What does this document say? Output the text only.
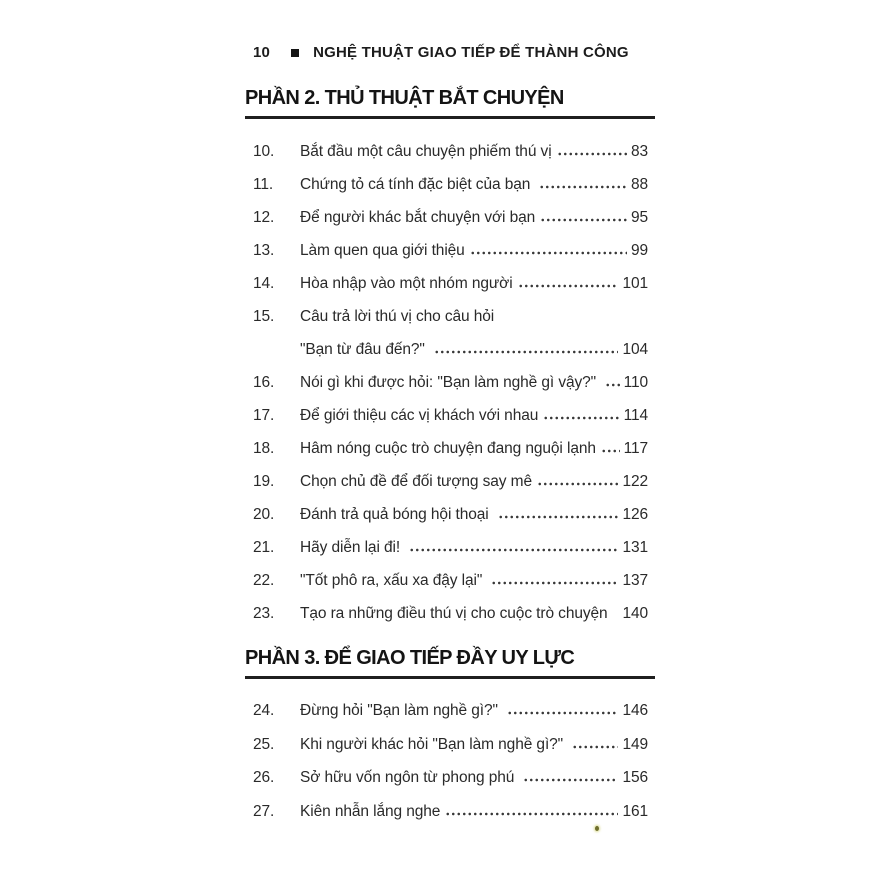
10	NGHỆ THUẬT GIAO TIẾP ĐỂ THÀNH CÔNG
PHẦN 2. THỦ THUẬT BẮT CHUYỆN
10.	Bắt đầu một câu chuyện phiếm thú vị	83
11.	Chứng tỏ cá tính đặc biệt của bạn	88
12.	Để người khác bắt chuyện với bạn	95
13.	Làm quen qua giới thiệu	99
14.	Hòa nhập vào một nhóm người	101
15.	Câu trả lời thú vị cho câu hỏi
"Bạn từ đâu đến?"	104
16.	Nói gì khi được hỏi: "Bạn làm nghề gì vậy?" 110
17.	Để giới thiệu các vị khách với nhau	114
18.	Hâm nóng cuộc trò chuyện đang nguội lạnh 117
19.	Chọn chủ đề để đối tượng say mê	122
20.	Đánh trả quả bóng hội thoại	126
21.	Hãy diễn lại đi!	131
22.	"Tốt phô ra, xấu xa đậy lại"	137
23.	Tạo ra những điều thú vị cho cuộc trò chuyện 140
PHẦN 3. ĐỂ GIAO TIẾP ĐẦY UY LỰC
24.	Đừng hỏi "Bạn làm nghề gì?"	146
25.	Khi người khác hỏi "Bạn làm nghề gì?"	149
26.	Sở hữu vốn ngôn từ phong phú	156
27.	Kiên nhẫn lắng nghe	161
